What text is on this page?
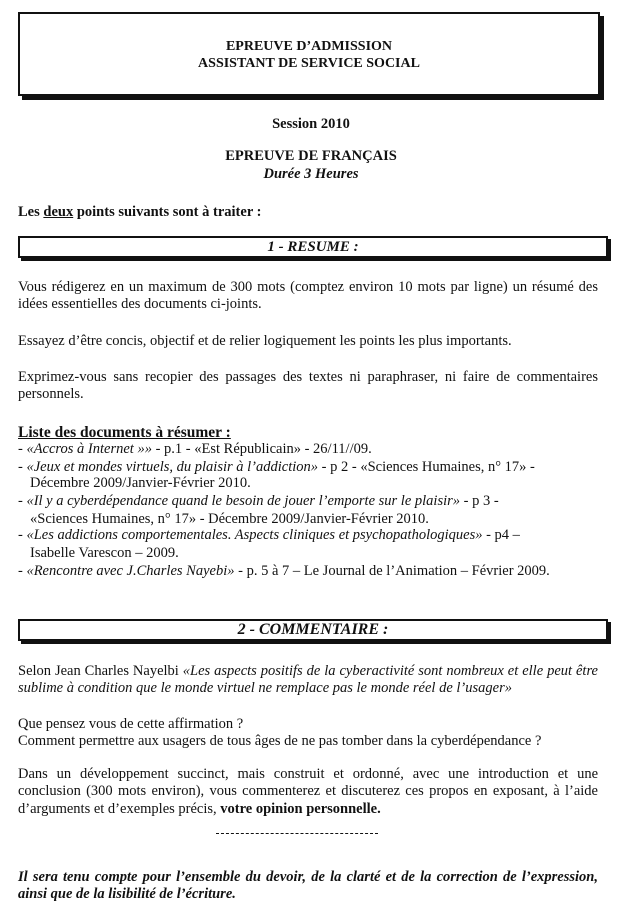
EPREUVE D’ADMISSION
ASSISTANT DE SERVICE SOCIAL
Session 2010
EPREUVE DE FRANÇAIS
Durée 3 Heures
Les deux points suivants sont à traiter :
1 - RESUME :
Vous rédigerez en un maximum de 300 mots (comptez environ 10 mots par ligne) un résumé des idées essentielles des documents ci-joints.
Essayez d’être concis, objectif et de relier logiquement les points les plus importants.
Exprimez-vous sans recopier des passages des textes ni paraphraser, ni faire de commentaires personnels.
Liste des documents à résumer :
- «Accros à Internet »» - p.1 - «Est Républicain» - 26/11//09.
- «Jeux et mondes virtuels, du plaisir à l’addiction» - p 2 - «Sciences Humaines, n° 17» -
Décembre 2009/Janvier-Février 2010.
- «Il y a cyberdépendance quand le besoin de jouer l’emporte sur le plaisir» - p 3 -
«Sciences Humaines, n° 17» - Décembre 2009/Janvier-Février 2010.
- «Les addictions comportementales. Aspects cliniques et psychopathologiques» - p4 –
Isabelle Varescon – 2009.
- «Rencontre avec J.Charles Nayebi» - p. 5 à 7 – Le Journal de l’Animation – Février 2009.
2 - COMMENTAIRE :
Selon Jean Charles Nayelbi «Les aspects positifs de la cyberactivité sont nombreux et elle peut être sublime à condition que le monde virtuel ne remplace pas le monde réel de l’usager»
Que pensez vous de cette affirmation ?
Comment permettre aux usagers de tous âges de ne pas tomber dans la cyberdépendance ?
Dans un développement succinct, mais construit et ordonné, avec une introduction et une conclusion (300 mots environ), vous commenterez et discuterez ces propos en exposant, à l’aide d’arguments et d’exemples précis, votre opinion personnelle.
Il sera tenu compte pour l’ensemble du devoir, de la clarté et de la correction de l’expression, ainsi que de la lisibilité de l’écriture.
